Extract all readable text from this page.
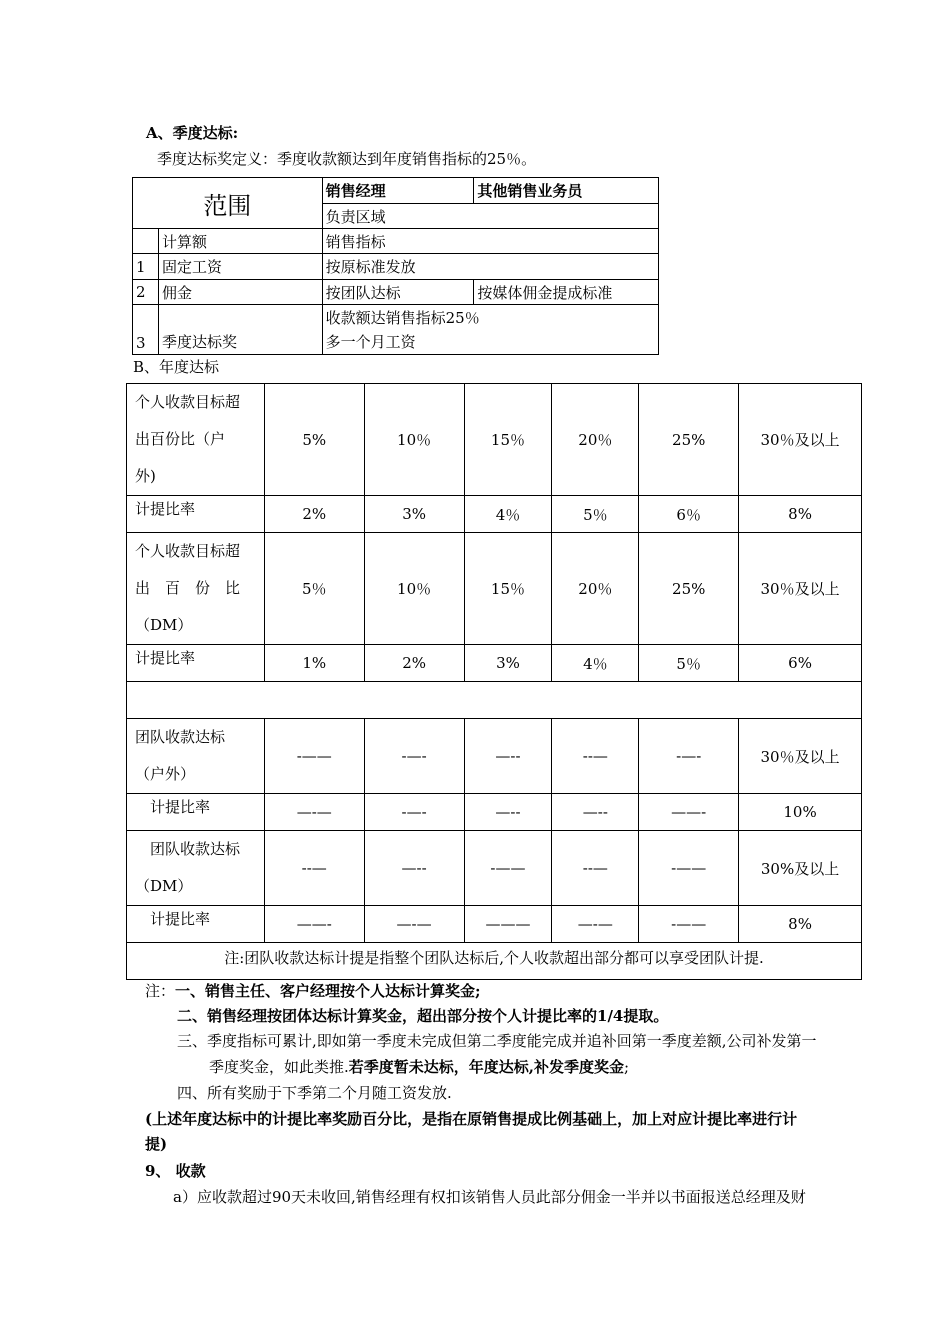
A、季度达标:
季度达标奖定义：季度收款额达到年度销售指标的25％。
范围		销售经理	其他销售业务员
		负责区域	
	计算额	销售指标	
1	固定工资	按原标准发放	
2	佣金	按团队达标	按媒体佣金提成标准
3	季度达标奖	收款额达销售指标25％
多一个月工资	
B、年度达标
个人收款目标超
出百份比（户
外)	5%	10％	15％	20％	25%	30％及以上
计提比率	2%	3%	4％	5％	6％	8%

个人收款目标超
出　百　份　比
（DM）	5％	10％	15％	20％	25%	30％及以上
计提比率	1%	2%	3%	4％	5％	6%

团队收款达标
（户外）	-——	-—-	—--	--—	-—-	30％及以上
　计提比率	—-—	-—-	—--	—--	——-	10%

　团队收款达标
（DM）	--—	—--	-——	--—	-——	30%及以上
　计提比率	——-	—-—	———	—-—	-——	8%
注:团队收款达标计提是指整个团队达标后,个人收款超出部分都可以享受团队计提.						
注：一、销售主任、客户经理按个人达标计算奖金;
二、销售经理按团体达标计算奖金，超出部分按个人计提比率的1/4提取。
三、季度指标可累计,即如第一季度未完成但第二季度能完成并追补回第一季度差额,公司补发第一
季度奖金，如此类推.若季度暂未达标，年度达标,补发季度奖金;
四、所有奖励于下季第二个月随工资发放.
(上述年度达标中的计提比率奖励百分比，是指在原销售提成比例基础上，加上对应计提比率进行计
提)
9、 收款
a）应收款超过90天未收回,销售经理有权扣该销售人员此部分佣金一半并以书面报送总经理及财
